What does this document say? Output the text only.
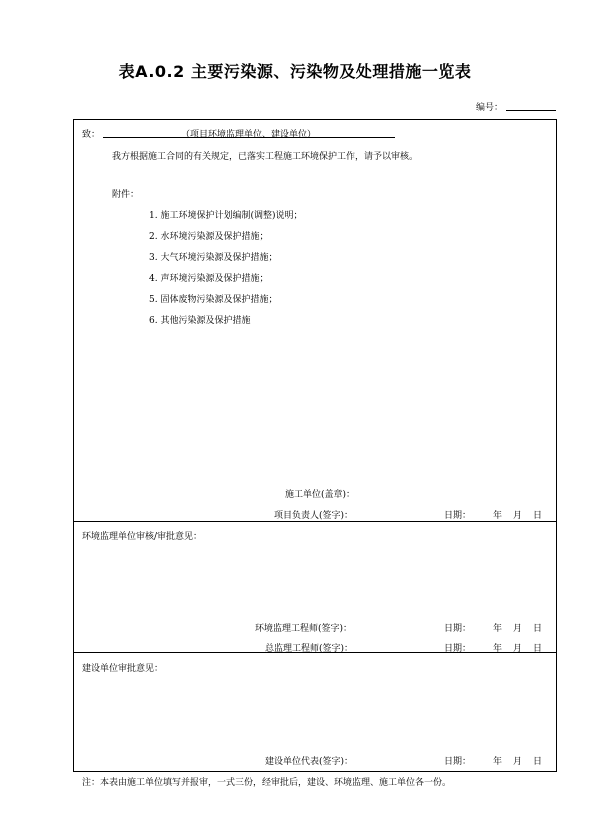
表A.0.2 主要污染源、污染物及处理措施一览表
编号：
致：	（项目环境监理单位、建设单位）
我方根据施工合同的有关规定，已落实工程施工环境保护工作，请予以审核。
附件：
1. 施工环境保护计划编制(调整)说明；
2. 水环境污染源及保护措施；
3. 大气环境污染源及保护措施；
4. 声环境污染源及保护措施；
5. 固体废物污染源及保护措施；
6. 其他污染源及保护措施
施工单位(盖章)：
项目负责人(签字)：	日期： 年 月 日
环境监理单位审核/审批意见：
环境监理工程师(签字)：	日期： 年 月 日
总监理工程师(签字)：	日期： 年 月 日
建设单位审批意见：
建设单位代表(签字)：	日期： 年 月 日
注：本表由施工单位填写并报审，一式三份，经审批后，建设、环境监理、施工单位各一份。
